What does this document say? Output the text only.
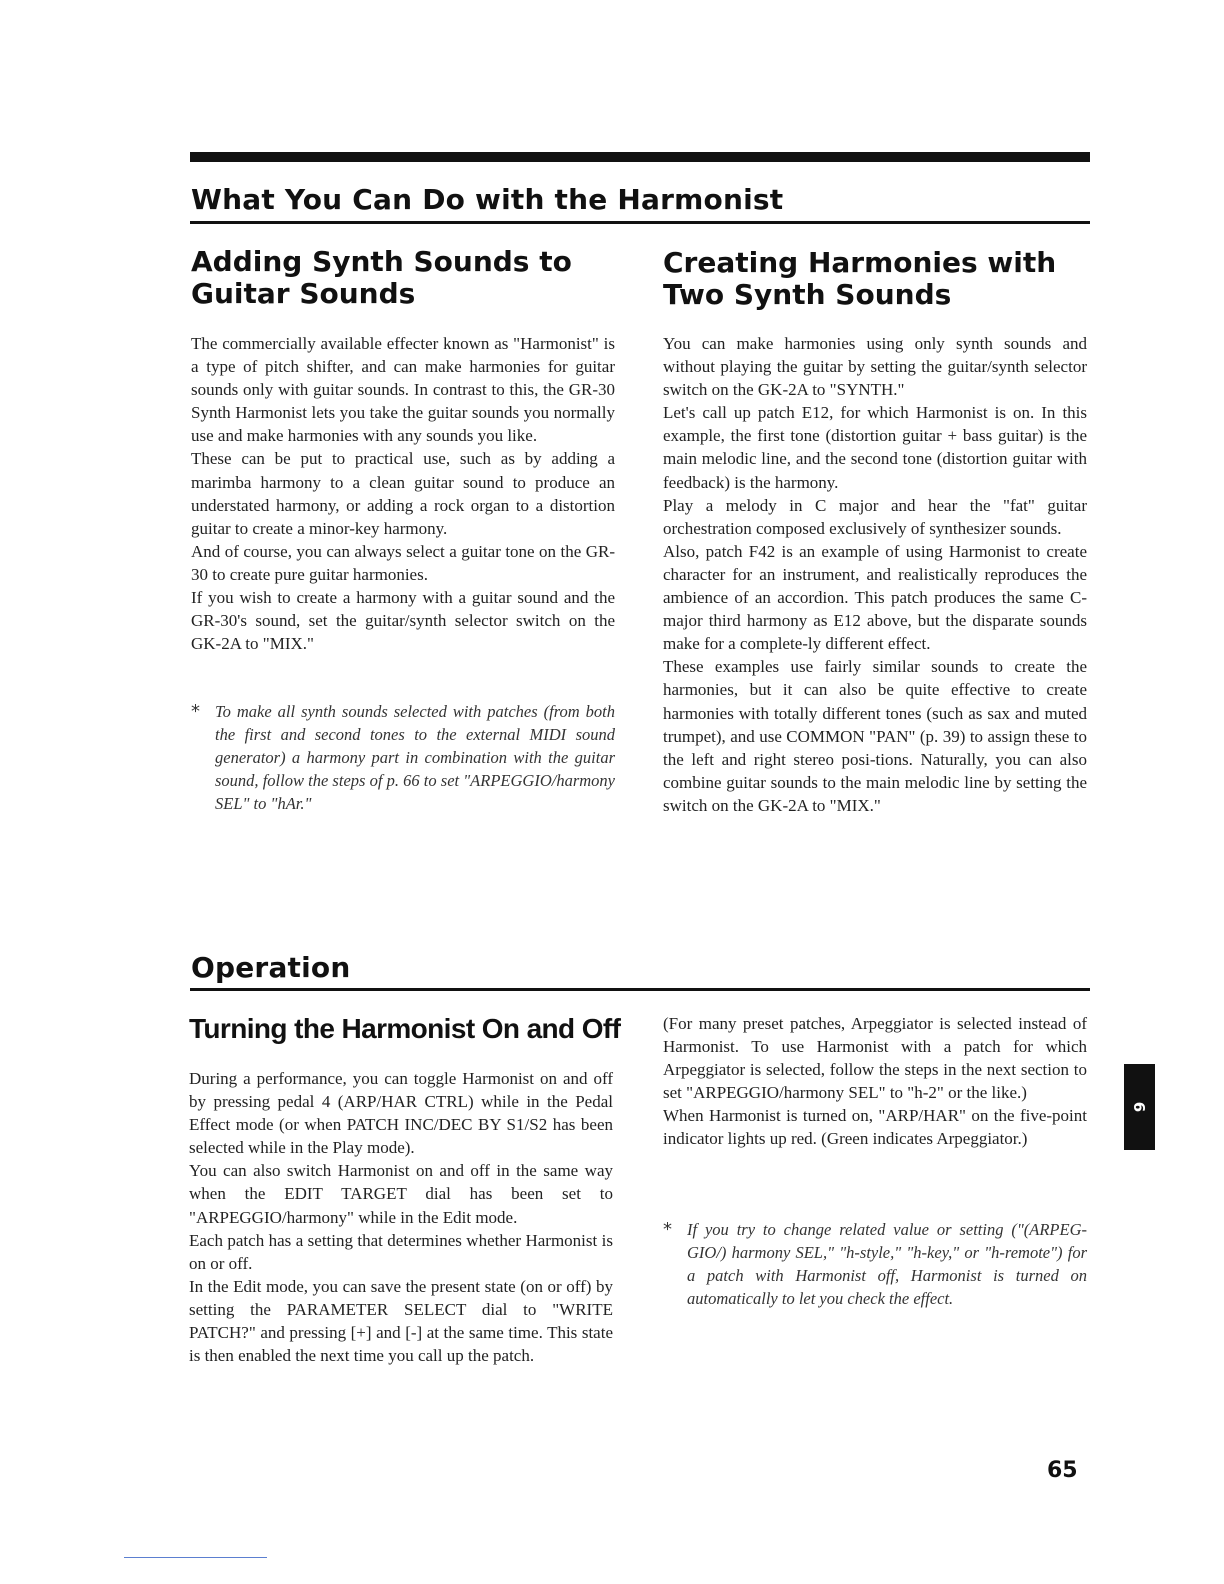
What You Can Do with the Harmonist
Adding Synth Sounds to
Guitar Sounds

The commercially available effecter known as "Harmonist" is a type of pitch shifter, and can make harmonies for guitar sounds only with guitar sounds. In contrast to this, the GR-30 Synth Harmonist lets you take the guitar sounds you normally use and make harmonies with any sounds you like.

These can be put to practical use, such as by adding a marimba harmony to a clean guitar sound to produce an understated harmony, or adding a rock organ to a distortion guitar to create a minor-key harmony.

And of course, you can always select a guitar tone on the GR-30 to create pure guitar harmonies.

If you wish to create a harmony with a guitar sound and the GR-30's sound, set the guitar/synth selector switch on the GK-2A to "MIX."

* To make all synth sounds selected with patches (from both the first and second tones to the external MIDI sound generator) a harmony part in combination with the guitar sound, follow the steps of p. 66 to set "ARPEGGIO/harmony SEL" to "hAr."
Creating Harmonies with
Two Synth Sounds

You can make harmonies using only synth sounds and without playing the guitar by setting the guitar/synth selector switch on the GK-2A to "SYNTH."

Let's call up patch E12, for which Harmonist is on. In this example, the first tone (distortion guitar + bass guitar) is the main melodic line, and the second tone (distortion guitar with feedback) is the harmony.

Play a melody in C major and hear the "fat" guitar orchestration composed exclusively of synthesizer sounds.

Also, patch F42 is an example of using Harmonist to create character for an instrument, and realistically reproduces the ambience of an accordion. This patch produces the same C-major third harmony as E12 above, but the disparate sounds make for a complete-ly different effect.

These examples use fairly similar sounds to create the harmonies, but it can also be quite effective to create harmonies with totally different tones (such as sax and muted trumpet), and use COMMON "PAN" (p. 39) to assign these to the left and right stereo posi-tions. Naturally, you can also combine guitar sounds to the main melodic line by setting the switch on the GK-2A to "MIX."

Operation
Turning the Harmonist On and Off

During a performance, you can toggle Harmonist on and off by pressing pedal 4 (ARP/HAR CTRL) while in the Pedal Effect mode (or when PATCH INC/DEC BY S1/S2 has been selected while in the Play mode).

You can also switch Harmonist on and off in the same way when the EDIT TARGET dial has been set to "ARPEGGIO/harmony" while in the Edit mode.

Each patch has a setting that determines whether Harmonist is on or off.

In the Edit mode, you can save the present state (on or off) by setting the PARAMETER SELECT dial to "WRITE PATCH?" and pressing [+] and [-] at the same time. This state is then enabled the next time you call up the patch.

(For many preset patches, Arpeggiator is selected instead of Harmonist. To use Harmonist with a patch for which Arpeggiator is selected, follow the steps in the next section to set "ARPEGGIO/harmony SEL" to "h-2" or the like.)

When Harmonist is turned on, "ARP/HAR" on the five-point indicator lights up red. (Green indicates Arpeggiator.)

* If you try to change related value or setting ("(ARPEG-GIO/) harmony SEL," "h-style," "h-key," or "h-remote") for a patch with Harmonist off, Harmonist is turned on automatically to let you check the effect.
6

65
